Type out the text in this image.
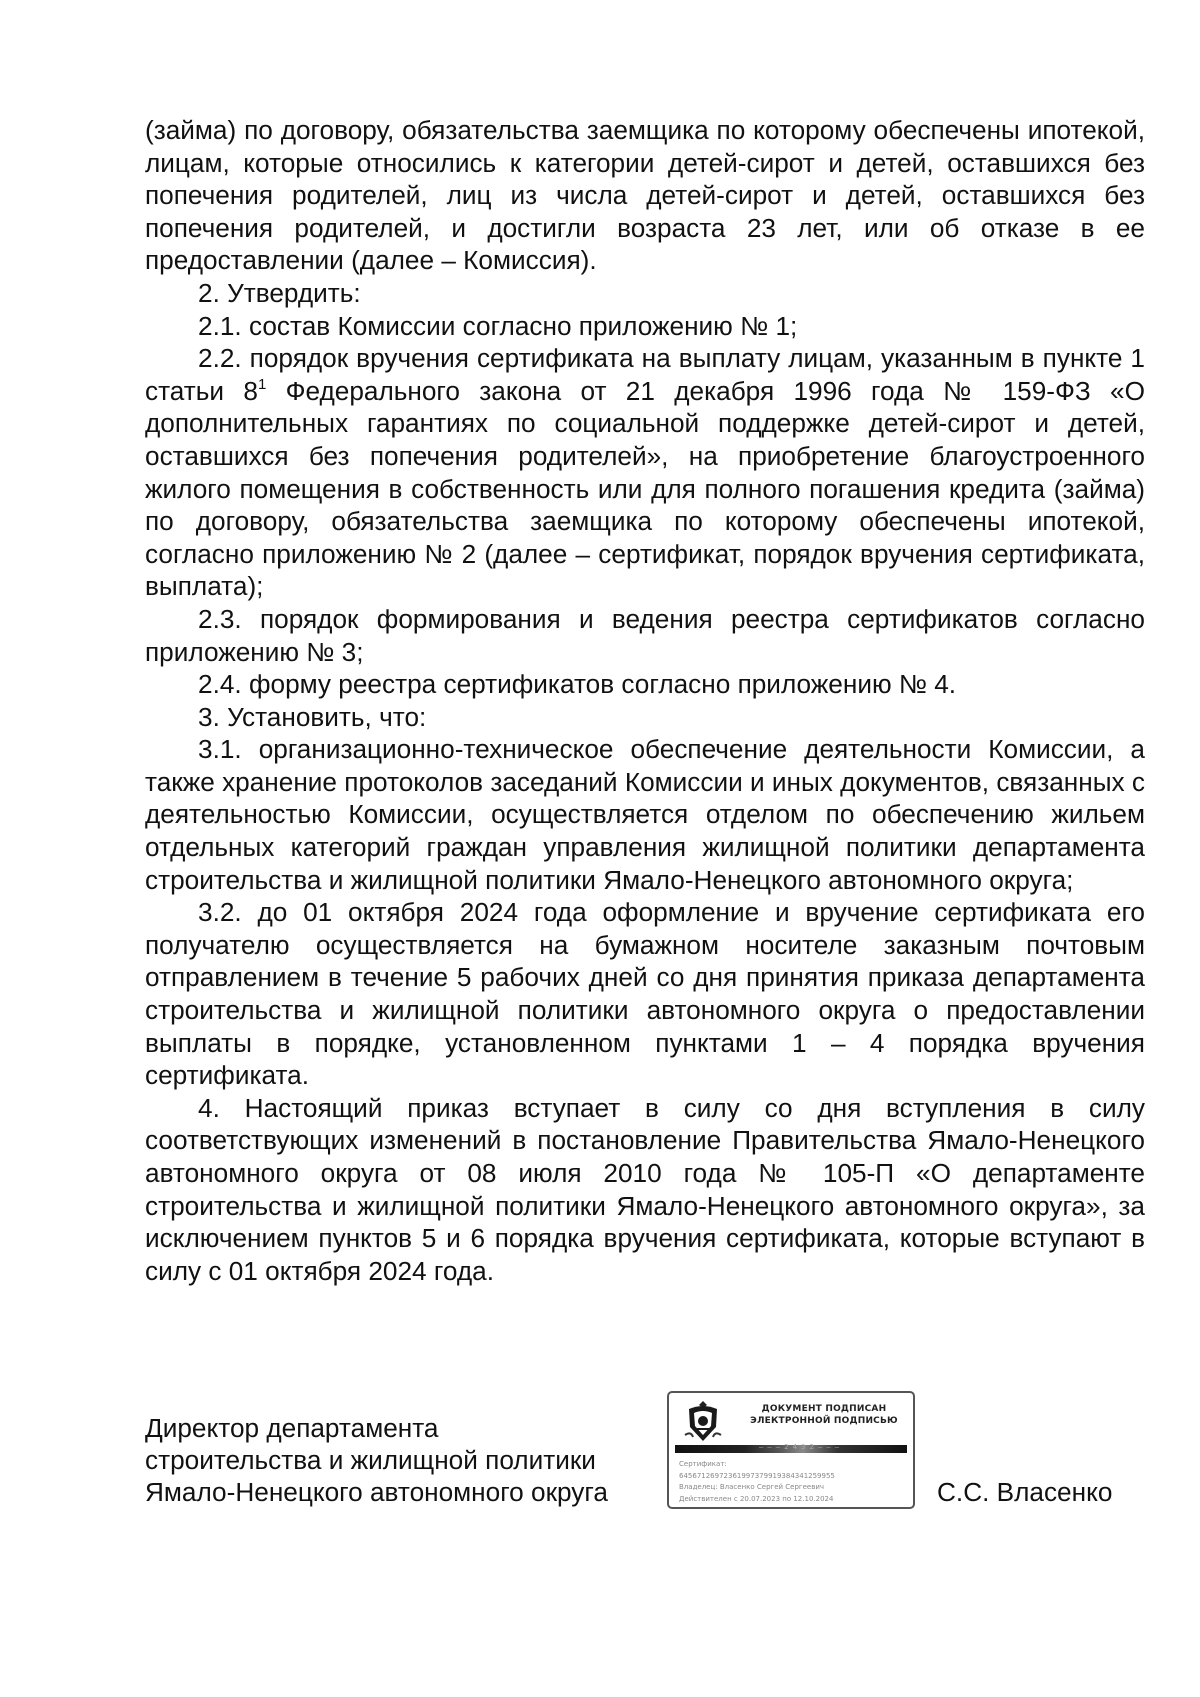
(займа) по договору, обязательства заемщика по которому обеспечены ипотекой, лицам, которые относились к категории детей-сирот и детей, оставшихся без попечения родителей, лиц из числа детей-сирот и детей, оставшихся без попечения родителей, и достигли возраста 23 лет, или об отказе в ее предоставлении (далее – Комиссия).

2. Утвердить:

2.1. состав Комиссии согласно приложению № 1;

2.2. порядок вручения сертификата на выплату лицам, указанным в пункте 1 статьи $8^1$ Федерального закона от 21 декабря 1996 года № 159-ФЗ «О дополнительных гарантиях по социальной поддержке детей-сирот и детей, оставшихся без попечения родителей», на приобретение благоустроенного жилого помещения в собственность или для полного погашения кредита (займа) по договору, обязательства заемщика по которому обеспечены ипотекой, согласно приложению № 2 (далее – сертификат, порядок вручения сертификата, выплата);

2.3. порядок формирования и ведения реестра сертификатов согласно приложению № 3;

2.4. форму реестра сертификатов согласно приложению № 4.

3. Установить, что:

3.1. организационно-техническое обеспечение деятельности Комиссии, а также хранение протоколов заседаний Комиссии и иных документов, связанных с деятельностью Комиссии, осуществляется отделом по обеспечению жильем отдельных категорий граждан управления жилищной политики департамента строительства и жилищной политики Ямало-Ненецкого автономного округа;

3.2. до 01 октября 2024 года оформление и вручение сертификата его получателю осуществляется на бумажном носителе заказным почтовым отправлением в течение 5 рабочих дней со дня принятия приказа департамента строительства и жилищной политики автономного округа о предоставлении выплаты в порядке, установленном пунктами 1 – 4 порядка вручения сертификата.

4. Настоящий приказ вступает в силу со дня вступления в силу соответствующих изменений в постановление Правительства Ямало-Ненецкого автономного округа от 08 июля 2010 года № 105-П «О департаменте строительства и жилищной политики Ямало-Ненецкого автономного округа», за исключением пунктов 5 и 6 порядка вручения сертификата, которые вступают в силу с 01 октября 2024 года.

Директор департамента
строительства и жилищной политики
Ямало-Ненецкого автономного округа
ДОКУМЕНТ ПОДПИСАН
ЭЛЕКТРОННОЙ ПОДПИСЬЮ
— — — 2 4 3 2 — — —
Сертификат:
64567126972361997379919384341259955
Владелец: Власенко Сергей Сергеевич
Действителен с 20.07.2023 по 12.10.2024	С.С. Власенко
